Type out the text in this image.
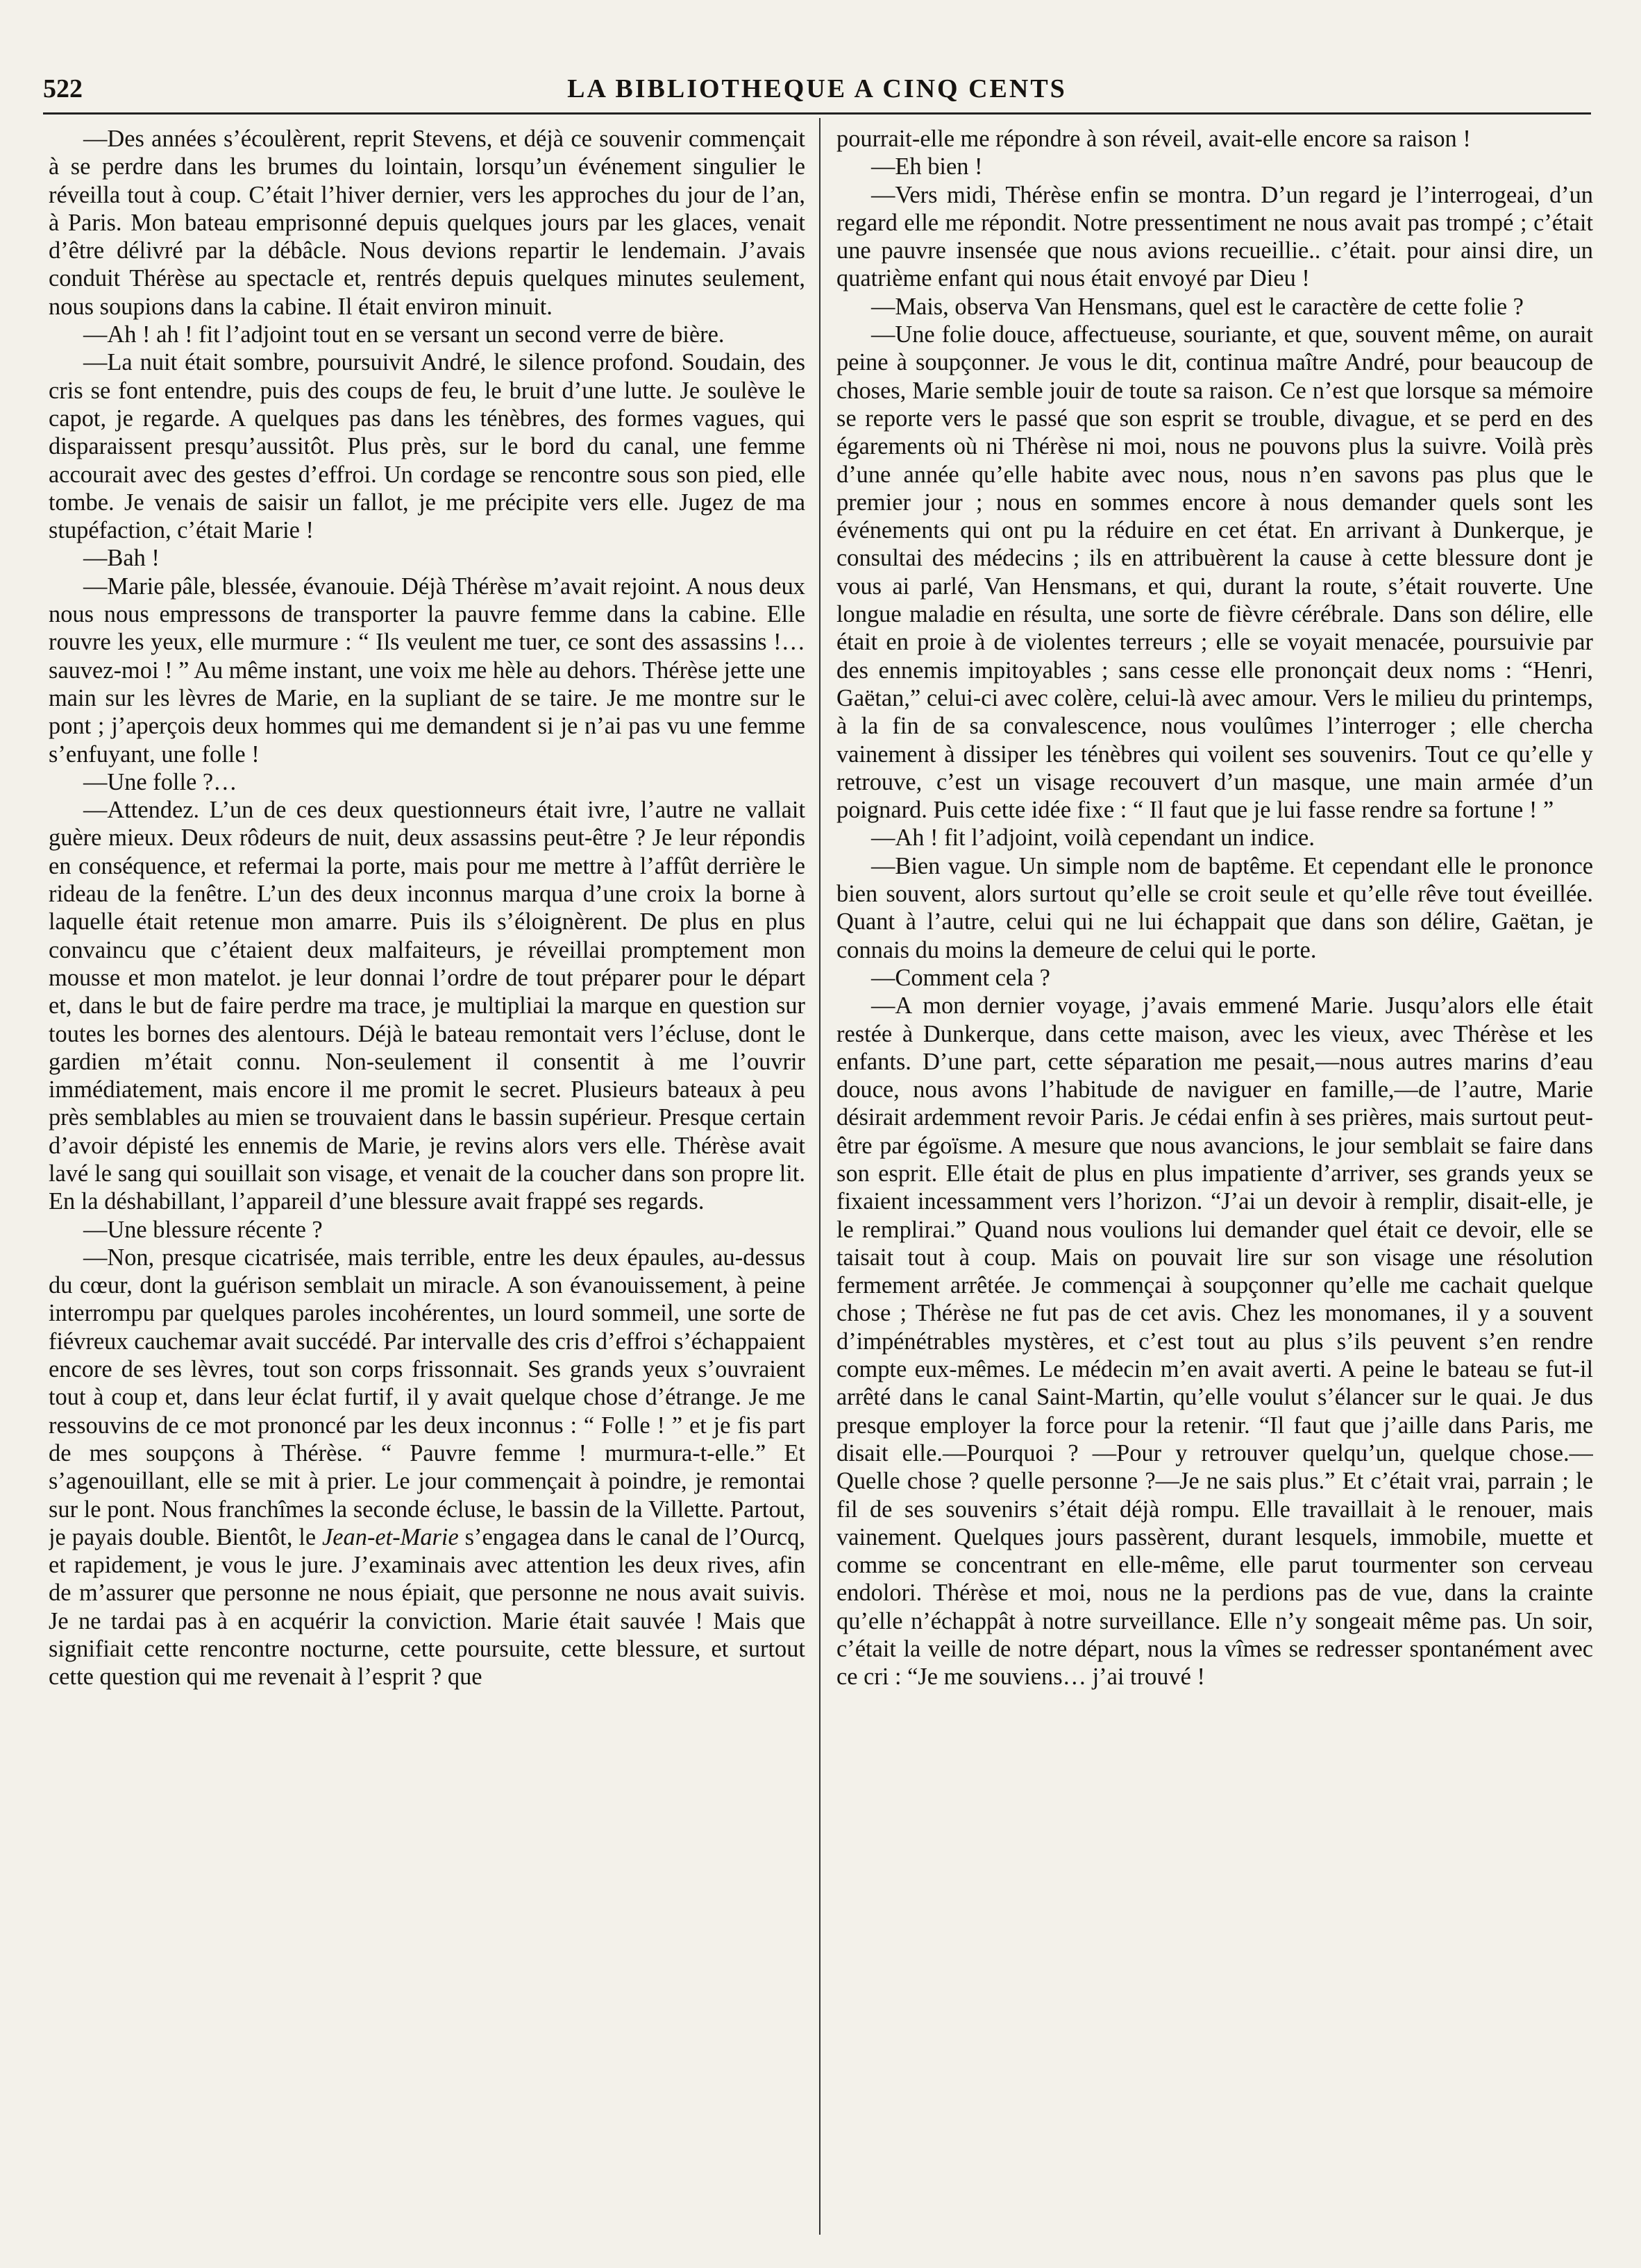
522	LA BIBLIOTHEQUE A CINQ CENTS

—Des années s’écoulèrent, reprit Stevens, et déjà ce souvenir commençait à se perdre dans les brumes du lointain, lorsqu’un événement singulier le réveilla tout à coup. C’était l’hiver dernier, vers les approches du jour de l’an, à Paris. Mon bateau emprisonné depuis quelques jours par les glaces, venait d’être délivré par la débâcle. Nous devions repartir le lendemain. J’avais conduit Thérèse au spectacle et, rentrés depuis quelques minutes seulement, nous soupions dans la cabine. Il était environ minuit.

—Ah ! ah ! fit l’adjoint tout en se versant un second verre de bière.

—La nuit était sombre, poursuivit André, le silence profond. Soudain, des cris se font entendre, puis des coups de feu, le bruit d’une lutte. Je soulève le capot, je regarde. A quelques pas dans les ténèbres, des formes vagues, qui disparaissent presqu’aussitôt. Plus près, sur le bord du canal, une femme accourait avec des gestes d’effroi. Un cordage se rencontre sous son pied, elle tombe. Je venais de saisir un fallot, je me précipite vers elle. Jugez de ma stupéfaction, c’était Marie !

—Bah !

—Marie pâle, blessée, évanouie. Déjà Thérèse m’avait rejoint. A nous deux nous nous empressons de transporter la pauvre femme dans la cabine. Elle rouvre les yeux, elle murmure : “ Ils veulent me tuer, ce sont des assassins !… sauvez-moi ! ” Au même instant, une voix me hèle au dehors. Thérèse jette une main sur les lèvres de Marie, en la supliant de se taire. Je me montre sur le pont ; j’aperçois deux hommes qui me demandent si je n’ai pas vu une femme s’enfuyant, une folle !

—Une folle ?…

—Attendez. L’un de ces deux questionneurs était ivre, l’autre ne vallait guère mieux. Deux rôdeurs de nuit, deux assassins peut-être ? Je leur répondis en conséquence, et refermai la porte, mais pour me mettre à l’affût derrière le rideau de la fenêtre. L’un des deux inconnus marqua d’une croix la borne à laquelle était retenue mon amarre. Puis ils s’éloignèrent. De plus en plus convaincu que c’étaient deux malfaiteurs, je réveillai promptement mon mousse et mon matelot. je leur donnai l’ordre de tout préparer pour le départ et, dans le but de faire perdre ma trace, je multipliai la marque en question sur toutes les bornes des alentours. Déjà le bateau remontait vers l’écluse, dont le gardien m’était connu. Non-seulement il consentit à me l’ouvrir immédiatement, mais encore il me promit le secret. Plusieurs bateaux à peu près semblables au mien se trouvaient dans le bassin supérieur. Presque certain d’avoir dépisté les ennemis de Marie, je revins alors vers elle. Thérèse avait lavé le sang qui souillait son visage, et venait de la coucher dans son propre lit. En la déshabillant, l’appareil d’une blessure avait frappé ses regards.

—Une blessure récente ?

—Non, presque cicatrisée, mais terrible, entre les deux épaules, au-dessus du cœur, dont la guérison semblait un miracle. A son évanouissement, à peine interrompu par quelques paroles incohérentes, un lourd sommeil, une sorte de fiévreux cauchemar avait succédé. Par intervalle des cris d’effroi s’échappaient encore de ses lèvres, tout son corps frissonnait. Ses grands yeux s’ouvraient tout à coup et, dans leur éclat furtif, il y avait quelque chose d’étrange. Je me ressouvins de ce mot prononcé par les deux inconnus : “ Folle ! ” et je fis part de mes soupçons à Thérèse. “ Pauvre femme ! murmura-t-elle.” Et s’agenouillant, elle se mit à prier. Le jour commençait à poindre, je remontai sur le pont. Nous franchîmes la seconde écluse, le bassin de la Villette. Partout, je payais double. Bientôt, le Jean-et-Marie s’engagea dans le canal de l’Ourcq, et rapidement, je vous le jure. J’examinais avec attention les deux rives, afin de m’assurer que personne ne nous épiait, que personne ne nous avait suivis. Je ne tardai pas à en acquérir la conviction. Marie était sauvée ! Mais que signifiait cette rencontre nocturne, cette poursuite, cette blessure, et surtout cette question qui me revenait à l’esprit ? que

pourrait-elle me répondre à son réveil, avait-elle encore sa raison !

—Eh bien !

—Vers midi, Thérèse enfin se montra. D’un regard je l’interrogeai, d’un regard elle me répondit. Notre pressentiment ne nous avait pas trompé ; c’était une pauvre insensée que nous avions recueillie.. c’était. pour ainsi dire, un quatrième enfant qui nous était envoyé par Dieu !

—Mais, observa Van Hensmans, quel est le caractère de cette folie ?

—Une folie douce, affectueuse, souriante, et que, souvent même, on aurait peine à soupçonner. Je vous le dit, continua maître André, pour beaucoup de choses, Marie semble jouir de toute sa raison. Ce n’est que lorsque sa mémoire se reporte vers le passé que son esprit se trouble, divague, et se perd en des égarements où ni Thérèse ni moi, nous ne pouvons plus la suivre. Voilà près d’une année qu’elle habite avec nous, nous n’en savons pas plus que le premier jour ; nous en sommes encore à nous demander quels sont les événements qui ont pu la réduire en cet état. En arrivant à Dunkerque, je consultai des médecins ; ils en attribuèrent la cause à cette blessure dont je vous ai parlé, Van Hensmans, et qui, durant la route, s’était rouverte. Une longue maladie en résulta, une sorte de fièvre cérébrale. Dans son délire, elle était en proie à de violentes terreurs ; elle se voyait menacée, poursuivie par des ennemis impitoyables ; sans cesse elle prononçait deux noms : “Henri, Gaëtan,” celui-ci avec colère, celui-là avec amour. Vers le milieu du printemps, à la fin de sa convalescence, nous voulûmes l’interroger ; elle chercha vainement à dissiper les ténèbres qui voilent ses souvenirs. Tout ce qu’elle y retrouve, c’est un visage recouvert d’un masque, une main armée d’un poignard. Puis cette idée fixe : “ Il faut que je lui fasse rendre sa fortune ! ”

—Ah ! fit l’adjoint, voilà cependant un indice.

—Bien vague. Un simple nom de baptême. Et cependant elle le prononce bien souvent, alors surtout qu’elle se croit seule et qu’elle rêve tout éveillée. Quant à l’autre, celui qui ne lui échappait que dans son délire, Gaëtan, je connais du moins la demeure de celui qui le porte.

—Comment cela ?

—A mon dernier voyage, j’avais emmené Marie. Jusqu’alors elle était restée à Dunkerque, dans cette maison, avec les vieux, avec Thérèse et les enfants. D’une part, cette séparation me pesait,—nous autres marins d’eau douce, nous avons l’habitude de naviguer en famille,—de l’autre, Marie désirait ardemment revoir Paris. Je cédai enfin à ses prières, mais surtout peut-être par égoïsme. A mesure que nous avancions, le jour semblait se faire dans son esprit. Elle était de plus en plus impatiente d’arriver, ses grands yeux se fixaient incessamment vers l’horizon. “J’ai un devoir à remplir, disait-elle, je le remplirai.” Quand nous voulions lui demander quel était ce devoir, elle se taisait tout à coup. Mais on pouvait lire sur son visage une résolution fermement arrêtée. Je commençai à soupçonner qu’elle me cachait quelque chose ; Thérèse ne fut pas de cet avis. Chez les monomanes, il y a souvent d’impénétrables mystères, et c’est tout au plus s’ils peuvent s’en rendre compte eux-mêmes. Le médecin m’en avait averti. A peine le bateau se fut-il arrêté dans le canal Saint-Martin, qu’elle voulut s’élancer sur le quai. Je dus presque employer la force pour la retenir. “Il faut que j’aille dans Paris, me disait elle.—Pourquoi ? —Pour y retrouver quelqu’un, quelque chose.— Quelle chose ? quelle personne ?—Je ne sais plus.” Et c’était vrai, parrain ; le fil de ses souvenirs s’était déjà rompu. Elle travaillait à le renouer, mais vainement. Quelques jours passèrent, durant lesquels, immobile, muette et comme se concentrant en elle-même, elle parut tourmenter son cerveau endolori. Thérèse et moi, nous ne la perdions pas de vue, dans la crainte qu’elle n’échappât à notre surveillance. Elle n’y songeait même pas. Un soir, c’était la veille de notre départ, nous la vîmes se redresser spontanément avec ce cri : “Je me souviens… j’ai trouvé !
